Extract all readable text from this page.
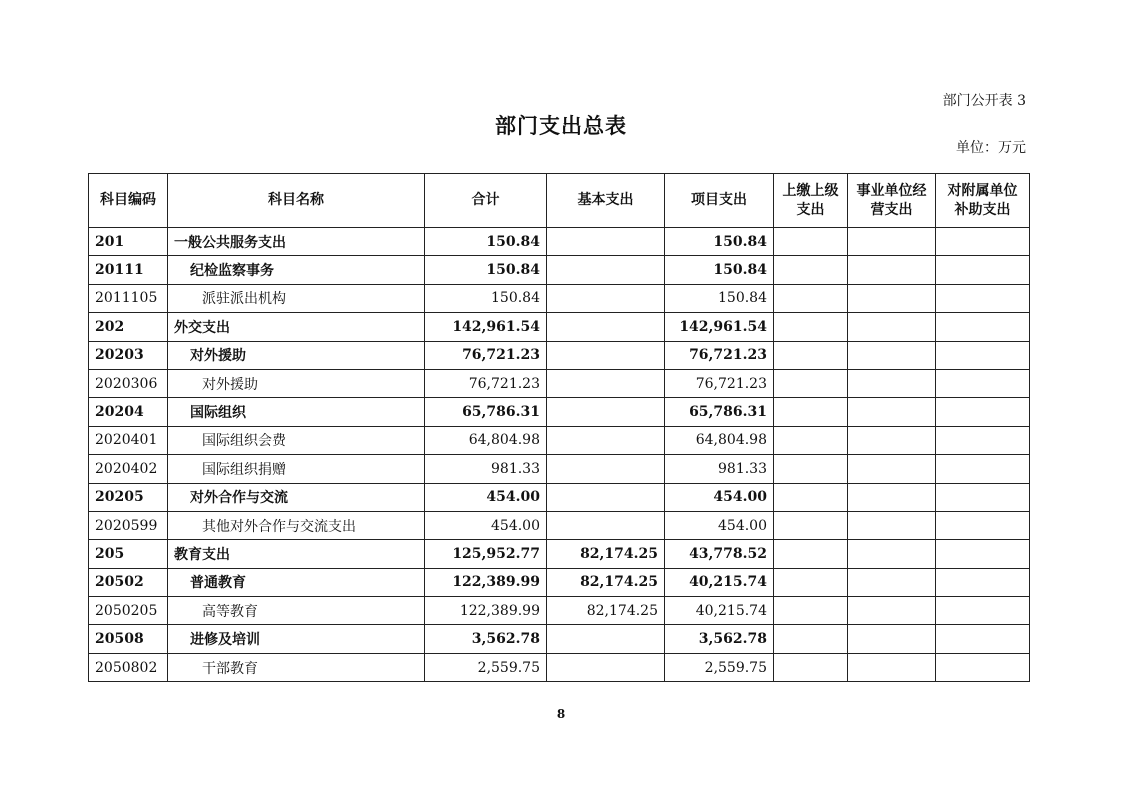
部门公开表 3
部门支出总表
单位：万元
科目编码	科目名称	合计	基本支出	项目支出	上缴上级支出	事业单位经营支出	对附属单位补助支出
201	一般公共服务支出	150.84		150.84			
20111	纪检监察事务	150.84		150.84			
2011105	派驻派出机构	150.84		150.84			
202	外交支出	142,961.54		142,961.54			
20203	对外援助	76,721.23		76,721.23			
2020306	对外援助	76,721.23		76,721.23			
20204	国际组织	65,786.31		65,786.31			
2020401	国际组织会费	64,804.98		64,804.98			
2020402	国际组织捐赠	981.33		981.33			
20205	对外合作与交流	454.00		454.00			
2020599	其他对外合作与交流支出	454.00		454.00			
205	教育支出	125,952.77	82,174.25	43,778.52			
20502	普通教育	122,389.99	82,174.25	40,215.74			
2050205	高等教育	122,389.99	82,174.25	40,215.74			
20508	进修及培训	3,562.78		3,562.78			
2050802	干部教育	2,559.75		2,559.75			
8
